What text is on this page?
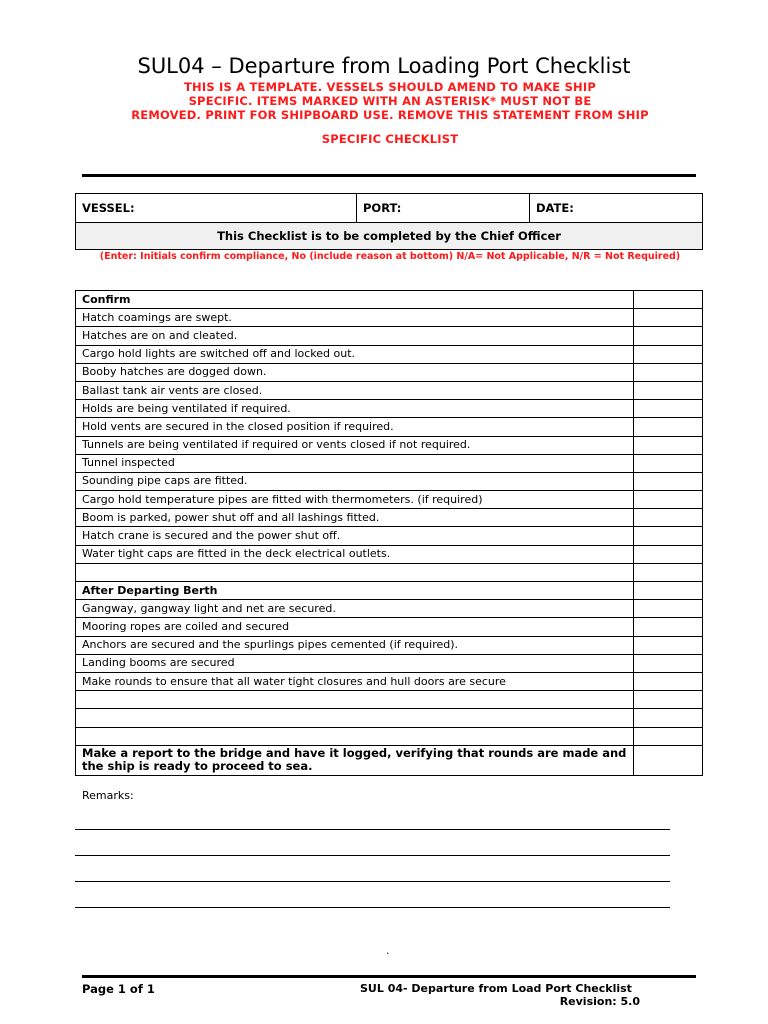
SUL04 – Departure from Loading Port Checklist
THIS IS A TEMPLATE. VESSELS SHOULD AMEND TO MAKE SHIP
SPECIFIC. ITEMS MARKED WITH AN ASTERISK* MUST NOT BE
REMOVED. PRINT FOR SHIPBOARD USE. REMOVE THIS STATEMENT FROM SHIP
SPECIFIC CHECKLIST
VESSEL:	PORT:	DATE:
This Checklist is to be completed by the Chief Officer
(Enter: Initials confirm compliance, No (include reason at bottom) N/A= Not Applicable, N/R = Not Required)
Confirm	
Hatch coamings are swept.	
Hatches are on and cleated.	
Cargo hold lights are switched off and locked out.	
Booby hatches are dogged down.	
Ballast tank air vents are closed.	
Holds are being ventilated if required.	
Hold vents are secured in the closed position if required.	
Tunnels are being ventilated if required or vents closed if not required.	
Tunnel inspected	
Sounding pipe caps are fitted.	
Cargo hold temperature pipes are fitted with thermometers. (if required)	
Boom is parked, power shut off and all lashings fitted.	
Hatch crane is secured and the power shut off.	
Water tight caps are fitted in the deck electrical outlets.	

After Departing Berth	
Gangway, gangway light and net are secured.	
Mooring ropes are coiled and secured	
Anchors are secured and the spurlings pipes cemented (if required).	
Landing booms are secured	
Make rounds to ensure that all water tight closures and hull doors are secure	

Make a report to the bridge and have it logged, verifying that rounds are made and the ship is ready to proceed to sea.	
Remarks:
.
Page 1 of 1	SUL 04- Departure from Load Port Checklist
Revision: 5.0
